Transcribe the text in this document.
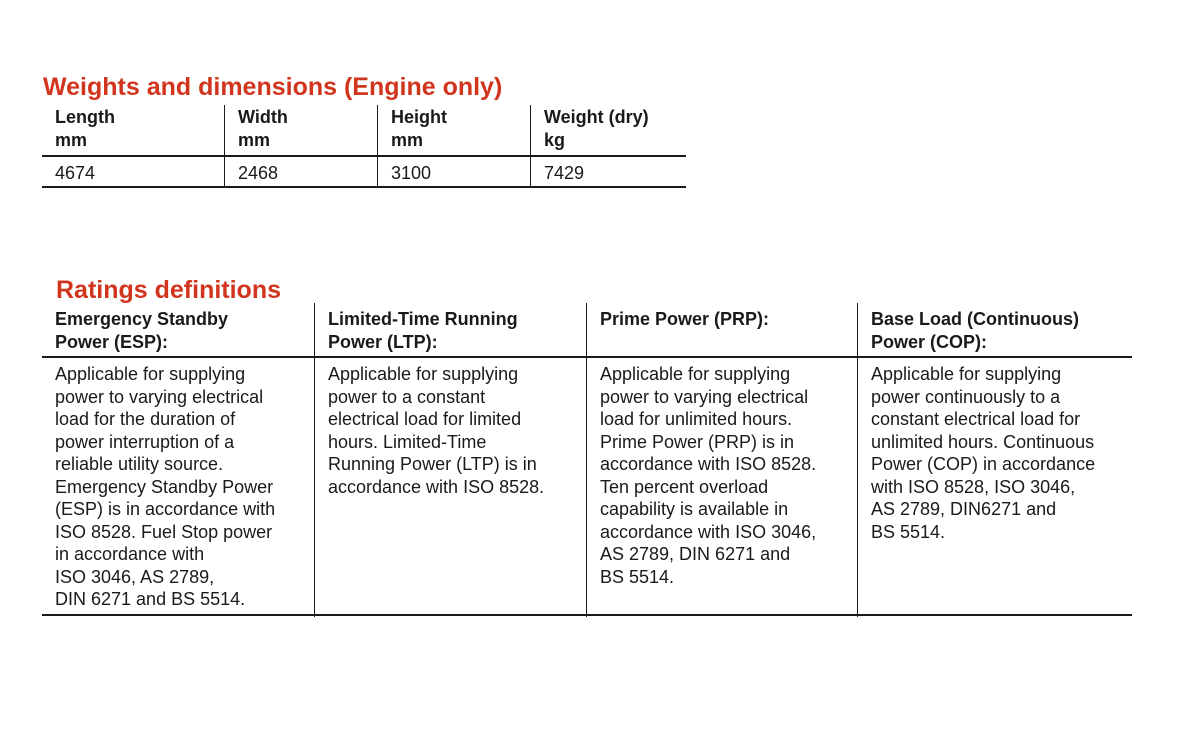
Weights and dimensions (Engine only)
Length
mm
4674
Width
mm
2468
Height
mm
3100
Weight (dry)
kg
7429
Ratings definitions
Emergency Standby
Power (ESP):
Applicable for supplying
power to varying electrical
load for the duration of
power interruption of a
reliable utility source.
Emergency Standby Power
(ESP) is in accordance with
ISO 8528. Fuel Stop power
in accordance with
ISO 3046, AS 2789,
DIN 6271 and BS 5514.
Limited-Time Running
Power (LTP):
Applicable for supplying
power to a constant
electrical load for limited
hours. Limited-Time
Running Power (LTP) is in
accordance with ISO 8528.
Prime Power (PRP):
Applicable for supplying
power to varying electrical
load for unlimited hours.
Prime Power (PRP) is in
accordance with ISO 8528.
Ten percent overload
capability is available in
accordance with ISO 3046,
AS 2789, DIN 6271 and
BS 5514.
Base Load (Continuous)
Power (COP):
Applicable for supplying
power continuously to a
constant electrical load for
unlimited hours. Continuous
Power (COP) in accordance
with ISO 8528, ISO 3046,
AS 2789, DIN6271 and
BS 5514.
